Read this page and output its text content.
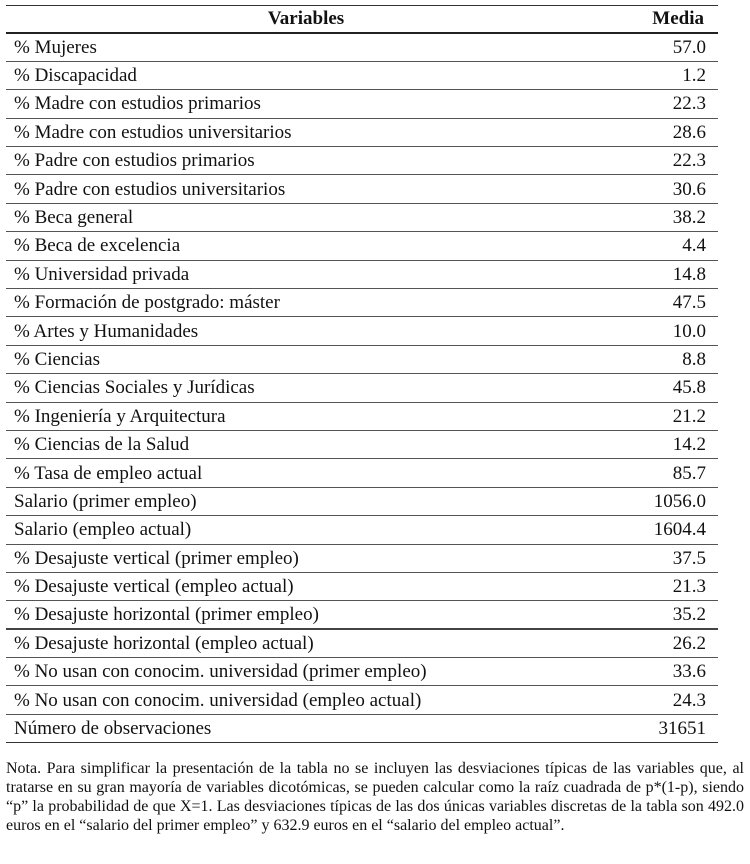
Variables	Media
% Mujeres	57.0
% Discapacidad	1.2
% Madre con estudios primarios	22.3
% Madre con estudios universitarios	28.6
% Padre con estudios primarios	22.3
% Padre con estudios universitarios	30.6
% Beca general	38.2
% Beca de excelencia	4.4
% Universidad privada	14.8
% Formación de postgrado: máster	47.5
% Artes y Humanidades	10.0
% Ciencias	8.8
% Ciencias Sociales y Jurídicas	45.8
% Ingeniería y Arquitectura	21.2
% Ciencias de la Salud	14.2
% Tasa de empleo actual	85.7
Salario (primer empleo)	1056.0
Salario (empleo actual)	1604.4
% Desajuste vertical (primer empleo)	37.5
% Desajuste vertical (empleo actual)	21.3
% Desajuste horizontal (primer empleo)	35.2
% Desajuste horizontal (empleo actual)	26.2
% No usan con conocim. universidad (primer empleo)	33.6
% No usan con conocim. universidad (empleo actual)	24.3
Número de observaciones	31651

Nota. Para simplificar la presentación de la tabla no se incluyen las desviaciones típicas de las variables que, al tratarse en su gran mayoría de variables dicotómicas, se pueden calcular como la raíz cuadrada de p*(1-p), siendo “p” la probabilidad de que X=1. Las desviaciones típicas de las dos únicas variables discretas de la tabla son 492.0 euros en el “salario del primer empleo” y 632.9 euros en el “salario del empleo actual”.
